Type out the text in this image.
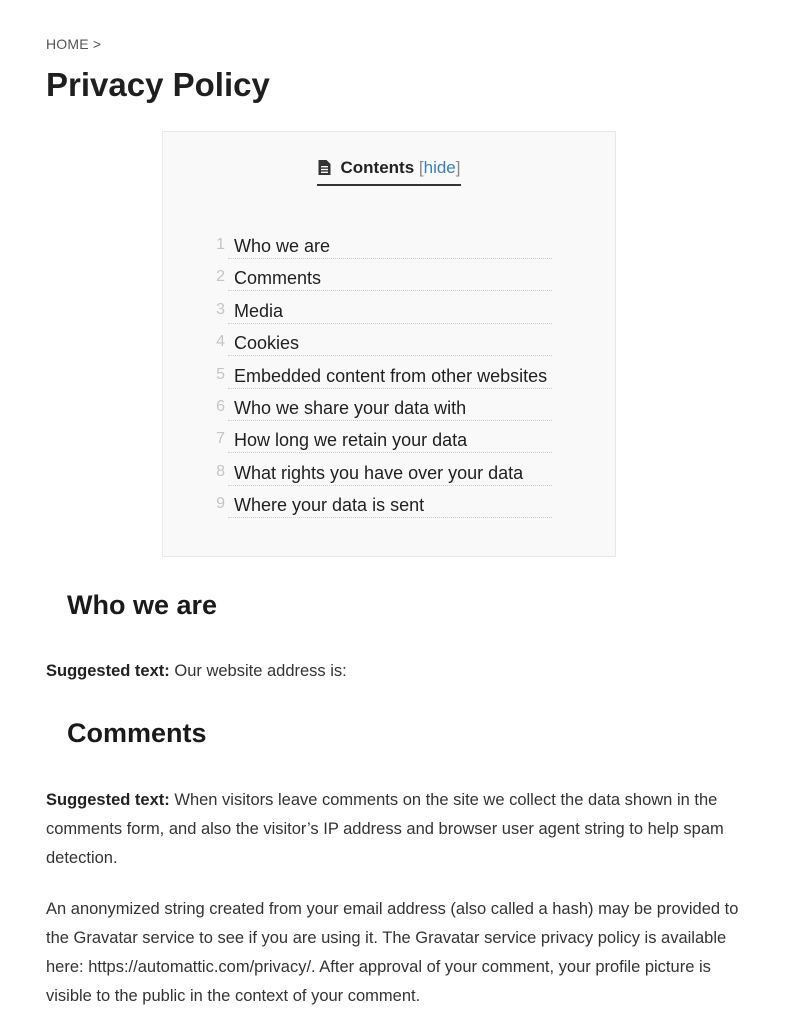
HOME >
Privacy Policy
Contents [hide]
1 Who we are
2 Comments
3 Media
4 Cookies
5 Embedded content from other websites
6 Who we share your data with
7 How long we retain your data
8 What rights you have over your data
9 Where your data is sent
Who we are

Suggested text: Our website address is:

Comments

Suggested text: When visitors leave comments on the site we collect the data shown in the comments form, and also the visitor’s IP address and browser user agent string to help spam detection.

An anonymized string created from your email address (also called a hash) may be provided to the Gravatar service to see if you are using it. The Gravatar service privacy policy is available here: https://automattic.com/privacy/. After approval of your comment, your profile picture is visible to the public in the context of your comment.
